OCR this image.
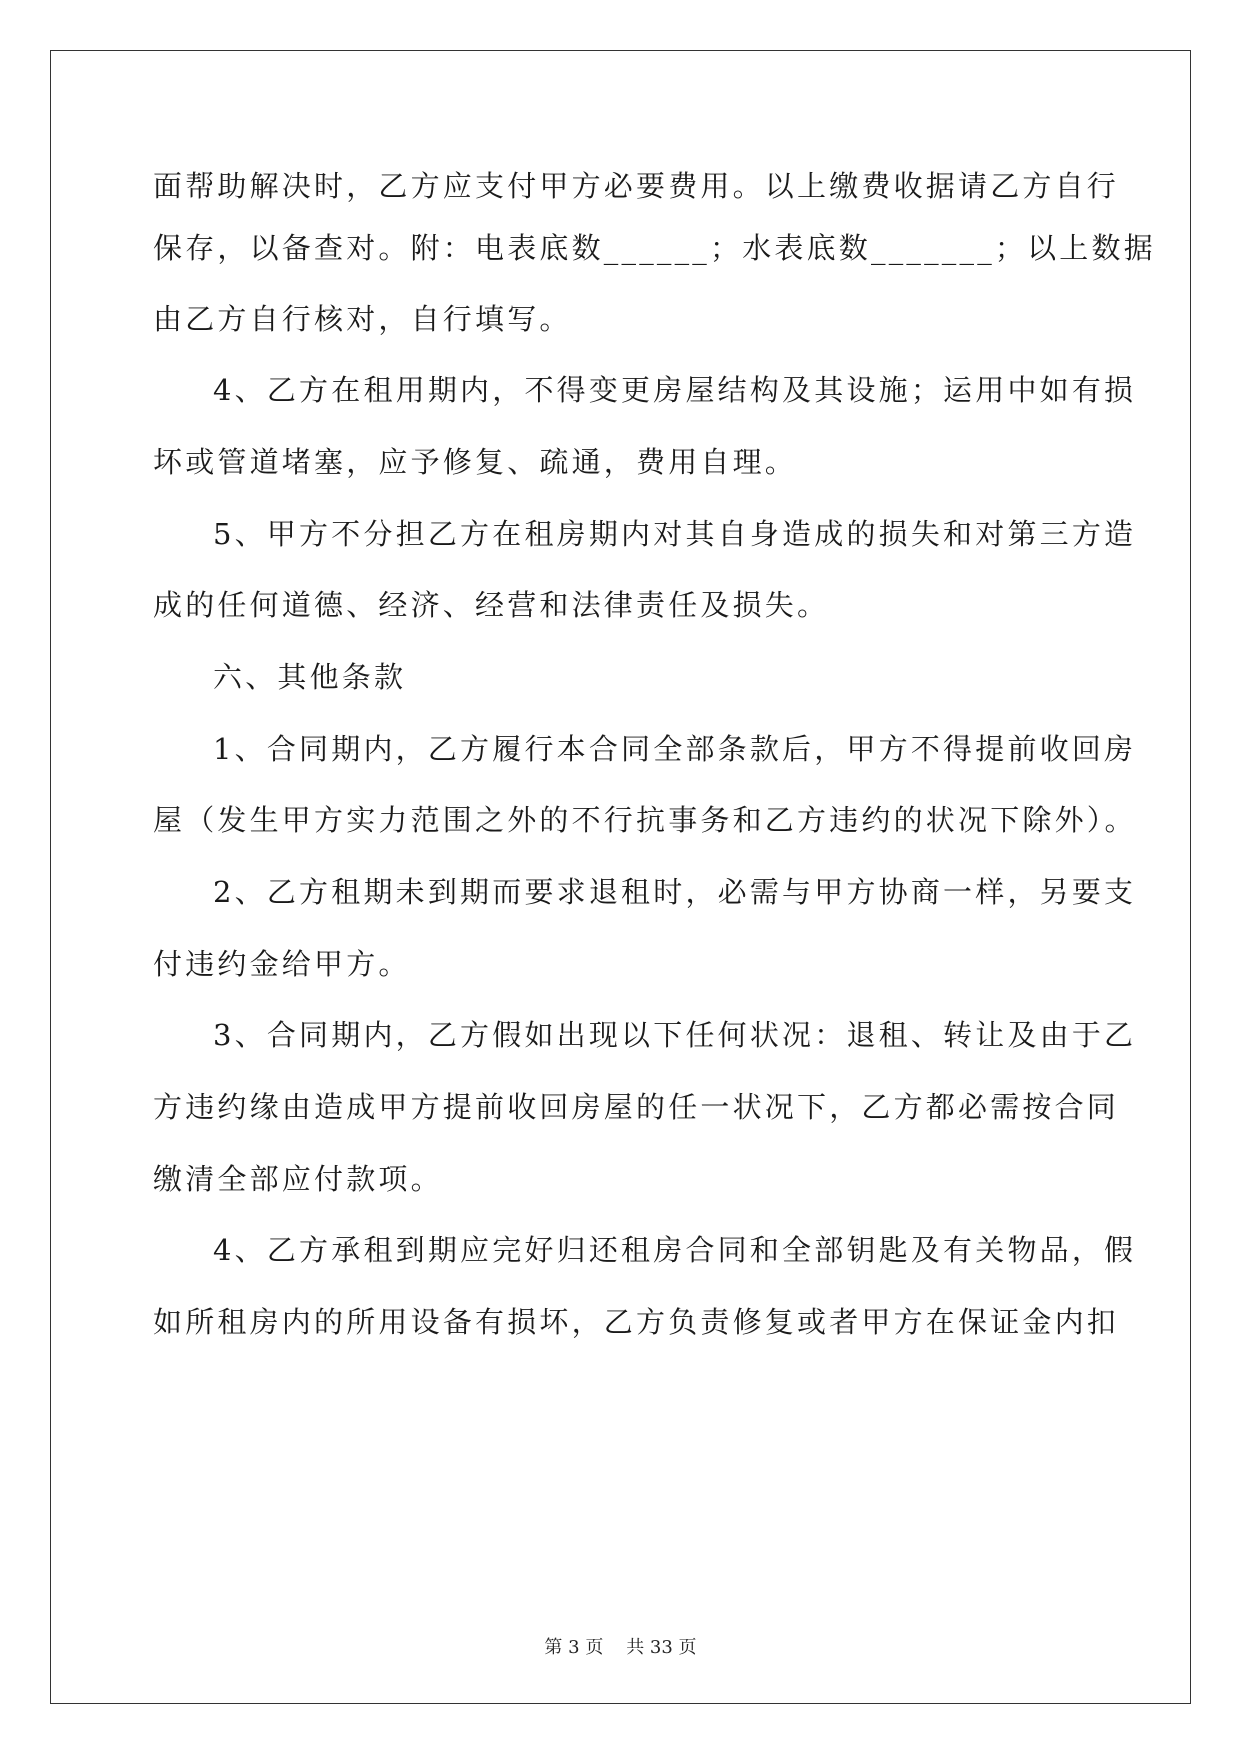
面帮助解决时，乙方应支付甲方必要费用。以上缴费收据请乙方自行
保存，以备查对。附：电表底数______；水表底数_______；以上数据
由乙方自行核对，自行填写。
4、乙方在租用期内，不得变更房屋结构及其设施；运用中如有损
坏或管道堵塞，应予修复、疏通，费用自理。
5、甲方不分担乙方在租房期内对其自身造成的损失和对第三方造
成的任何道德、经济、经营和法律责任及损失。
六、其他条款
1、合同期内，乙方履行本合同全部条款后，甲方不得提前收回房
屋（发生甲方实力范围之外的不行抗事务和乙方违约的状况下除外）。
2、乙方租期未到期而要求退租时，必需与甲方协商一样，另要支
付违约金给甲方。
3、合同期内，乙方假如出现以下任何状况：退租、转让及由于乙
方违约缘由造成甲方提前收回房屋的任一状况下，乙方都必需按合同
缴清全部应付款项。
4、乙方承租到期应完好归还租房合同和全部钥匙及有关物品，假
如所租房内的所用设备有损坏，乙方负责修复或者甲方在保证金内扣
第 3 页    共 33 页
